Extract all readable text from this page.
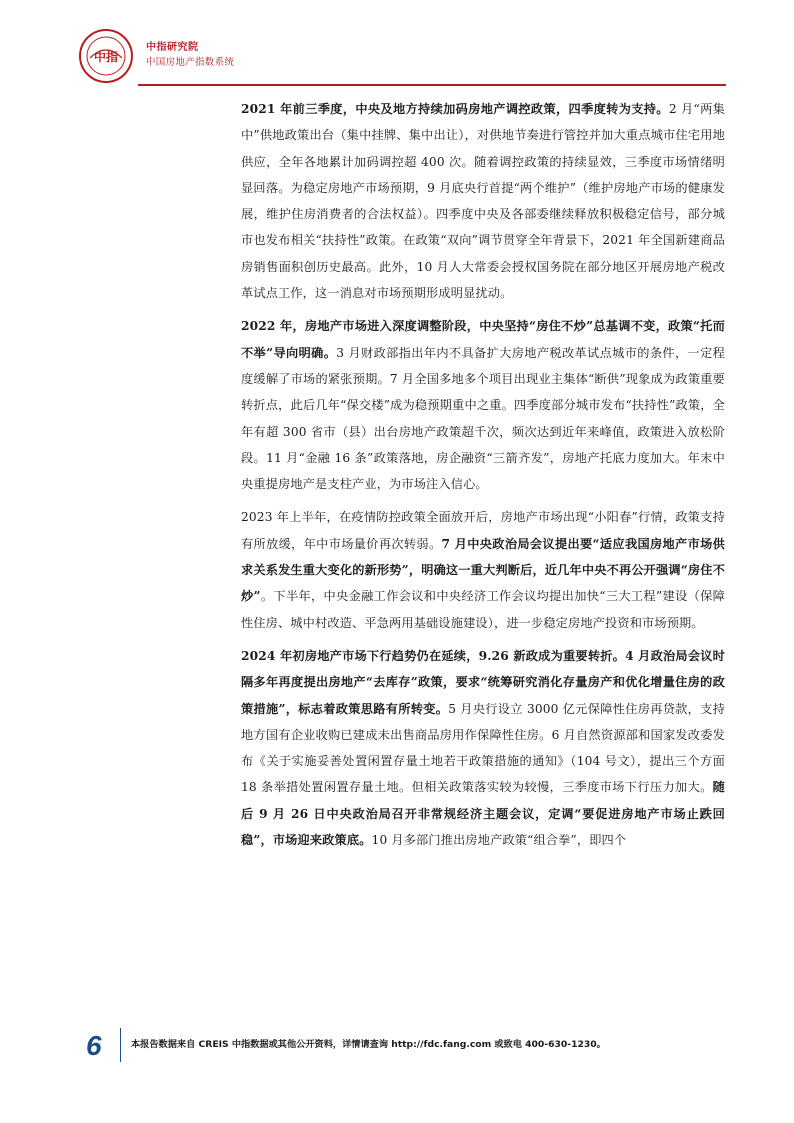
中指
中指研究院
中国房地产指数系统

2021 年前三季度，中央及地方持续加码房地产调控政策，四季度转为支持。2 月“两集中”供地政策出台（集中挂牌、集中出让），对供地节奏进行管控并加大重点城市住宅用地供应，全年各地累计加码调控超 400 次。随着调控政策的持续显效，三季度市场情绪明显回落。为稳定房地产市场预期，9 月底央行首提“两个维护”（维护房地产市场的健康发展，维护住房消费者的合法权益）。四季度中央及各部委继续释放积极稳定信号，部分城市也发布相关“扶持性”政策。在政策“双向”调节贯穿全年背景下，2021 年全国新建商品房销售面积创历史最高。此外，10 月人大常委会授权国务院在部分地区开展房地产税改革试点工作，这一消息对市场预期形成明显扰动。

2022 年，房地产市场进入深度调整阶段，中央坚持“房住不炒”总基调不变，政策“托而不举”导向明确。3 月财政部指出年内不具备扩大房地产税改革试点城市的条件，一定程度缓解了市场的紧张预期。7 月全国多地多个项目出现业主集体“断供”现象成为政策重要转折点，此后几年“保交楼”成为稳预期重中之重。四季度部分城市发布“扶持性”政策，全年有超 300 省市（县）出台房地产政策超千次，频次达到近年来峰值，政策进入放松阶段。11 月“金融 16 条”政策落地，房企融资“三箭齐发”，房地产托底力度加大。年末中央重提房地产是支柱产业，为市场注入信心。

2023 年上半年，在疫情防控政策全面放开后，房地产市场出现“小阳春”行情，政策支持有所放缓，年中市场量价再次转弱。7 月中央政治局会议提出要“适应我国房地产市场供求关系发生重大变化的新形势”，明确这一重大判断后，近几年中央不再公开强调“房住不炒”。下半年，中央金融工作会议和中央经济工作会议均提出加快“三大工程”建设（保障性住房、城中村改造、平急两用基础设施建设），进一步稳定房地产投资和市场预期。

2024 年初房地产市场下行趋势仍在延续，9.26 新政成为重要转折。4 月政治局会议时隔多年再度提出房地产“去库存”政策，要求“统筹研究消化存量房产和优化增量住房的政策措施”，标志着政策思路有所转变。5 月央行设立 3000 亿元保障性住房再贷款，支持地方国有企业收购已建成未出售商品房用作保障性住房。6 月自然资源部和国家发改委发布《关于实施妥善处置闲置存量土地若干政策措施的通知》（104 号文），提出三个方面 18 条举措处置闲置存量土地。但相关政策落实较为较慢，三季度市场下行压力加大。随后 9 月 26 日中央政治局召开非常规经济主题会议，定调“要促进房地产市场止跌回稳”，市场迎来政策底。10 月多部门推出房地产政策“组合拳”，即四个

6	本报告数据来自 CREIS 中指数据或其他公开资料，详情请查询 http://fdc.fang.com 或致电 400-630-1230。
